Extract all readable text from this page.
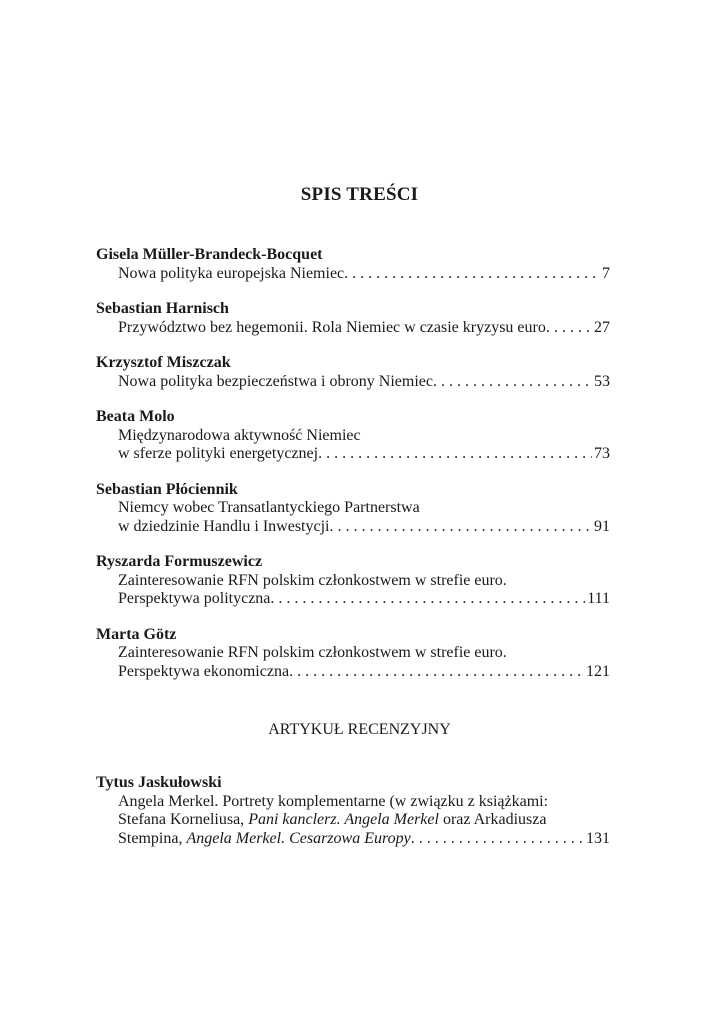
SPIS TREŚCI
Gisela Müller-Brandeck-Bocquet
Nowa polityka europejska Niemiec . . .	7
Sebastian Harnisch
Przywództwo bez hegemonii. Rola Niemiec w czasie kryzysu euro . . .	27
Krzysztof Miszczak
Nowa polityka bezpieczeństwa i obrony Niemiec . . .	53
Beata Molo
Międzynarodowa aktywność Niemiec
w sferze polityki energetycznej . . .	73
Sebastian Płóciennik
Niemcy wobec Transatlantyckiego Partnerstwa
w dziedzinie Handlu i Inwestycji . . .	91
Ryszarda Formuszewicz
Zainteresowanie RFN polskim członkostwem w strefie euro.
Perspektywa polityczna . . .	111
Marta Götz
Zainteresowanie RFN polskim członkostwem w strefie euro.
Perspektywa ekonomiczna . . .	121
ARTYKUŁ RECENZYJNY
Tytus Jaskułowski
Angela Merkel. Portrety komplementarne (w związku z książkami:
Stefana Korneliusa, Pani kanclerz. Angela Merkel oraz Arkadiusza
Stempina, Angela Merkel. Cesarzowa Europy . . .	131
